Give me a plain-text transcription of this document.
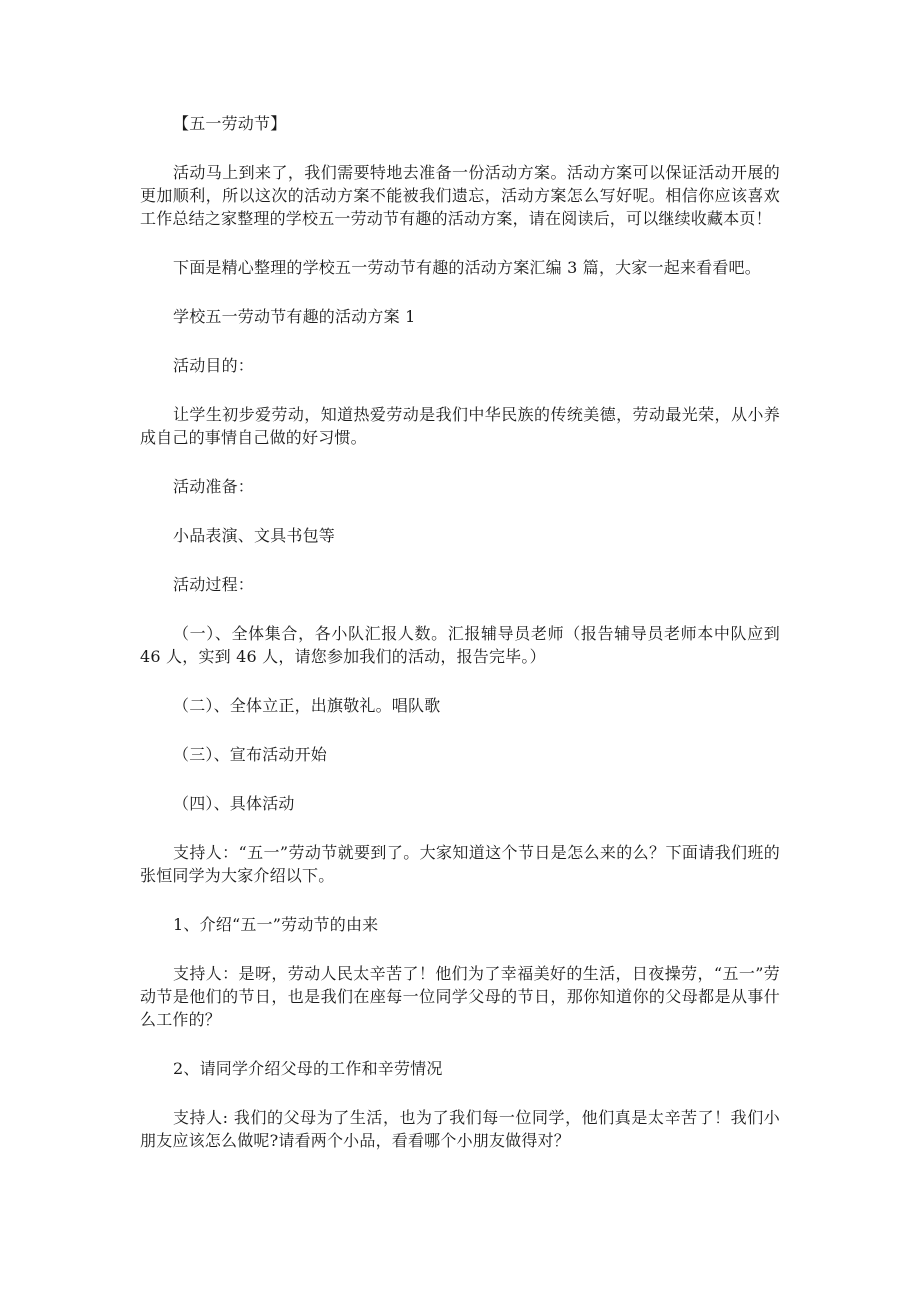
【五一劳动节】

活动马上到来了，我们需要特地去准备一份活动方案。活动方案可以保证活动开展的更加顺利，所以这次的活动方案不能被我们遗忘，活动方案怎么写好呢。相信你应该喜欢工作总结之家整理的学校五一劳动节有趣的活动方案，请在阅读后，可以继续收藏本页！

下面是精心整理的学校五一劳动节有趣的活动方案汇编 3 篇，大家一起来看看吧。

学校五一劳动节有趣的活动方案 1

活动目的：

让学生初步爱劳动，知道热爱劳动是我们中华民族的传统美德，劳动最光荣，从小养成自己的事情自己做的好习惯。

活动准备：

小品表演、文具书包等

活动过程：

（一）、全体集合，各小队汇报人数。汇报辅导员老师（报告辅导员老师本中队应到 46 人，实到 46 人，请您参加我们的活动，报告完毕。）

（二）、全体立正，出旗敬礼。唱队歌

（三）、宣布活动开始

（四）、具体活动

支持人：“五一”劳动节就要到了。大家知道这个节日是怎么来的么？下面请我们班的张恒同学为大家介绍以下。

1、介绍“五一”劳动节的由来

支持人：是呀，劳动人民太辛苦了！他们为了幸福美好的生活，日夜操劳，“五一”劳动节是他们的节日，也是我们在座每一位同学父母的节日，那你知道你的父母都是从事什么工作的？

2、请同学介绍父母的工作和辛劳情况

支持人: 我们的父母为了生活，也为了我们每一位同学，他们真是太辛苦了！我们小朋友应该怎么做呢?请看两个小品，看看哪个小朋友做得对？
